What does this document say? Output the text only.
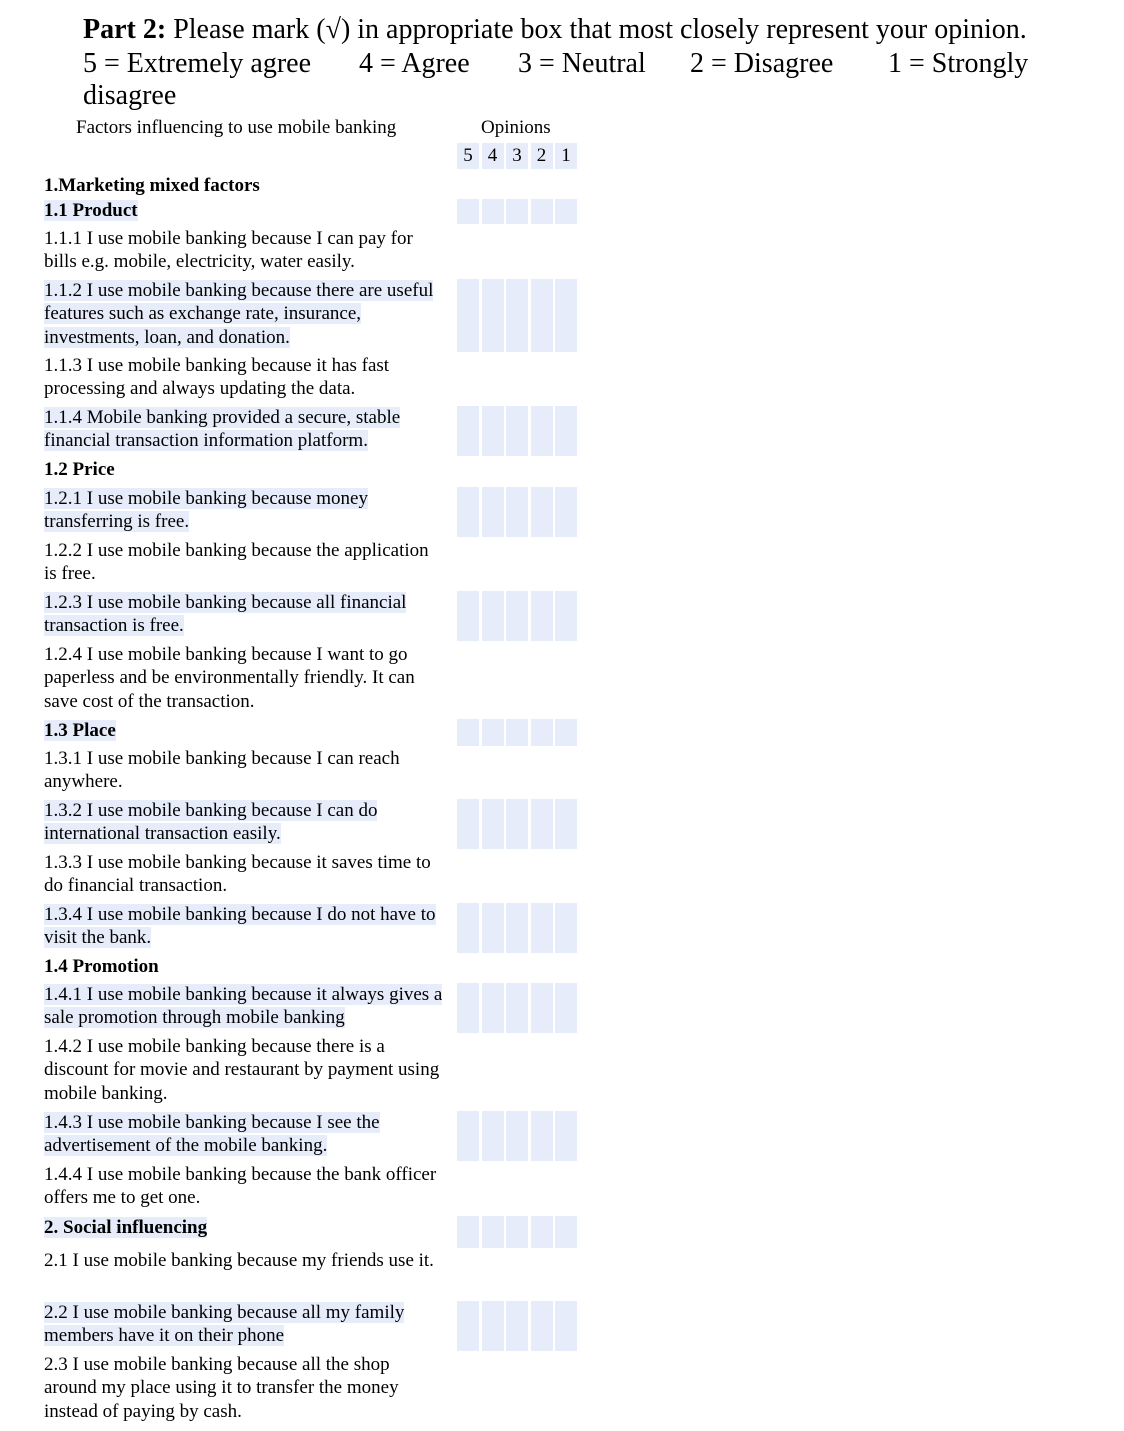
Part 2: Please mark (√) in appropriate box that most closely represent your opinion.
5 = Extremely agree 4 = Agree 3 = Neutral 2 = Disagree 1 = Strongly
disagree
Factors influencing to use mobile banking	Opinions
5 4 3 2 1
1.Marketing mixed factors
1.1 Product
1.1.1 I use mobile banking because I can pay for bills e.g. mobile, electricity, water easily.
1.1.2 I use mobile banking because there are useful features such as exchange rate, insurance, investments, loan, and donation.
1.1.3 I use mobile banking because it has fast processing and always updating the data.
1.1.4 Mobile banking provided a secure, stable financial transaction information platform.
1.2 Price
1.2.1 I use mobile banking because money transferring is free.
1.2.2 I use mobile banking because the application is free.
1.2.3 I use mobile banking because all financial transaction is free.
1.2.4 I use mobile banking because I want to go paperless and be environmentally friendly. It can save cost of the transaction.
1.3 Place
1.3.1 I use mobile banking because I can reach anywhere.
1.3.2 I use mobile banking because I can do international transaction easily.
1.3.3 I use mobile banking because it saves time to do financial transaction.
1.3.4 I use mobile banking because I do not have to visit the bank.
1.4 Promotion
1.4.1 I use mobile banking because it always gives a sale promotion through mobile banking
1.4.2 I use mobile banking because there is a discount for movie and restaurant by payment using mobile banking.
1.4.3 I use mobile banking because I see the advertisement of the mobile banking.
1.4.4 I use mobile banking because the bank officer offers me to get one.
2. Social influencing
2.1 I use mobile banking because my friends use it.
2.2 I use mobile banking because all my family members have it on their phone
2.3 I use mobile banking because all the shop around my place using it to transfer the money instead of paying by cash.
